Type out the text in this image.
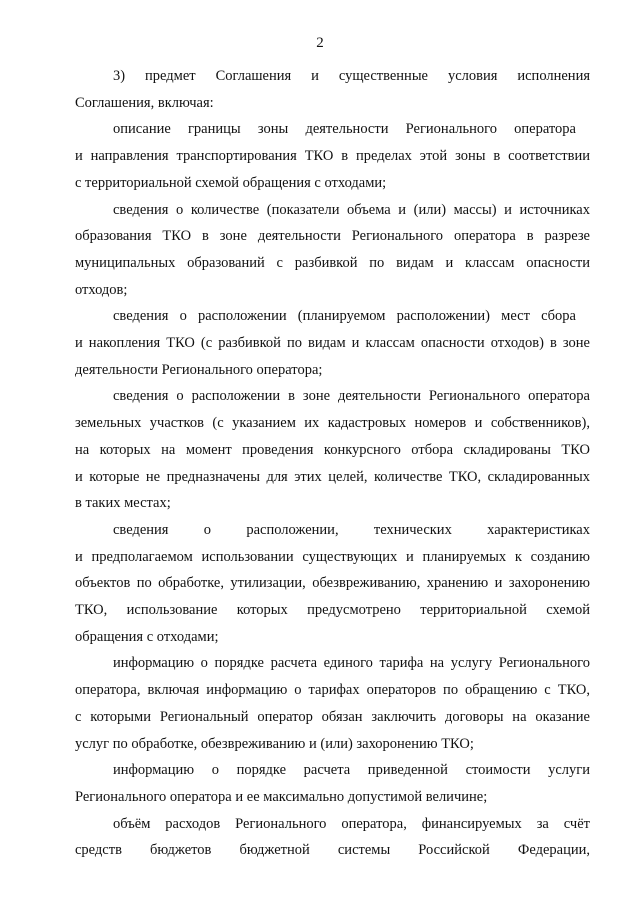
2

3) предмет Соглашения и существенные условия исполнения
Соглашения, включая:

описание границы зоны деятельности Регионального оператора
и направления транспортирования ТКО в пределах этой зоны в соответствии
с территориальной схемой обращения с отходами;

сведения о количестве (показатели объема и (или) массы) и источниках
образования ТКО в зоне деятельности Регионального оператора в разрезе
муниципальных образований с разбивкой по видам и классам опасности
отходов;

сведения о расположении (планируемом расположении) мест сбора
и накопления ТКО (с разбивкой по видам и классам опасности отходов) в зоне
деятельности Регионального оператора;

сведения о расположении в зоне деятельности Регионального оператора
земельных участков (с указанием их кадастровых номеров и собственников),
на которых на момент проведения конкурсного отбора складированы ТКО
и которые не предназначены для этих целей, количестве ТКО, складированных
в таких местах;

сведения о расположении, технических характеристиках
и предполагаемом использовании существующих и планируемых к созданию
объектов по обработке, утилизации, обезвреживанию, хранению и захоронению
ТКО, использование которых предусмотрено территориальной схемой
обращения с отходами;

информацию о порядке расчета единого тарифа на услугу Регионального
оператора, включая информацию о тарифах операторов по обращению с ТКО,
с которыми Региональный оператор обязан заключить договоры на оказание
услуг по обработке, обезвреживанию и (или) захоронению ТКО;

информацию о порядке расчета приведенной стоимости услуги
Регионального оператора и ее максимально допустимой величине;

объём расходов Регионального оператора, финансируемых за счёт
средств бюджетов бюджетной системы Российской Федерации,
